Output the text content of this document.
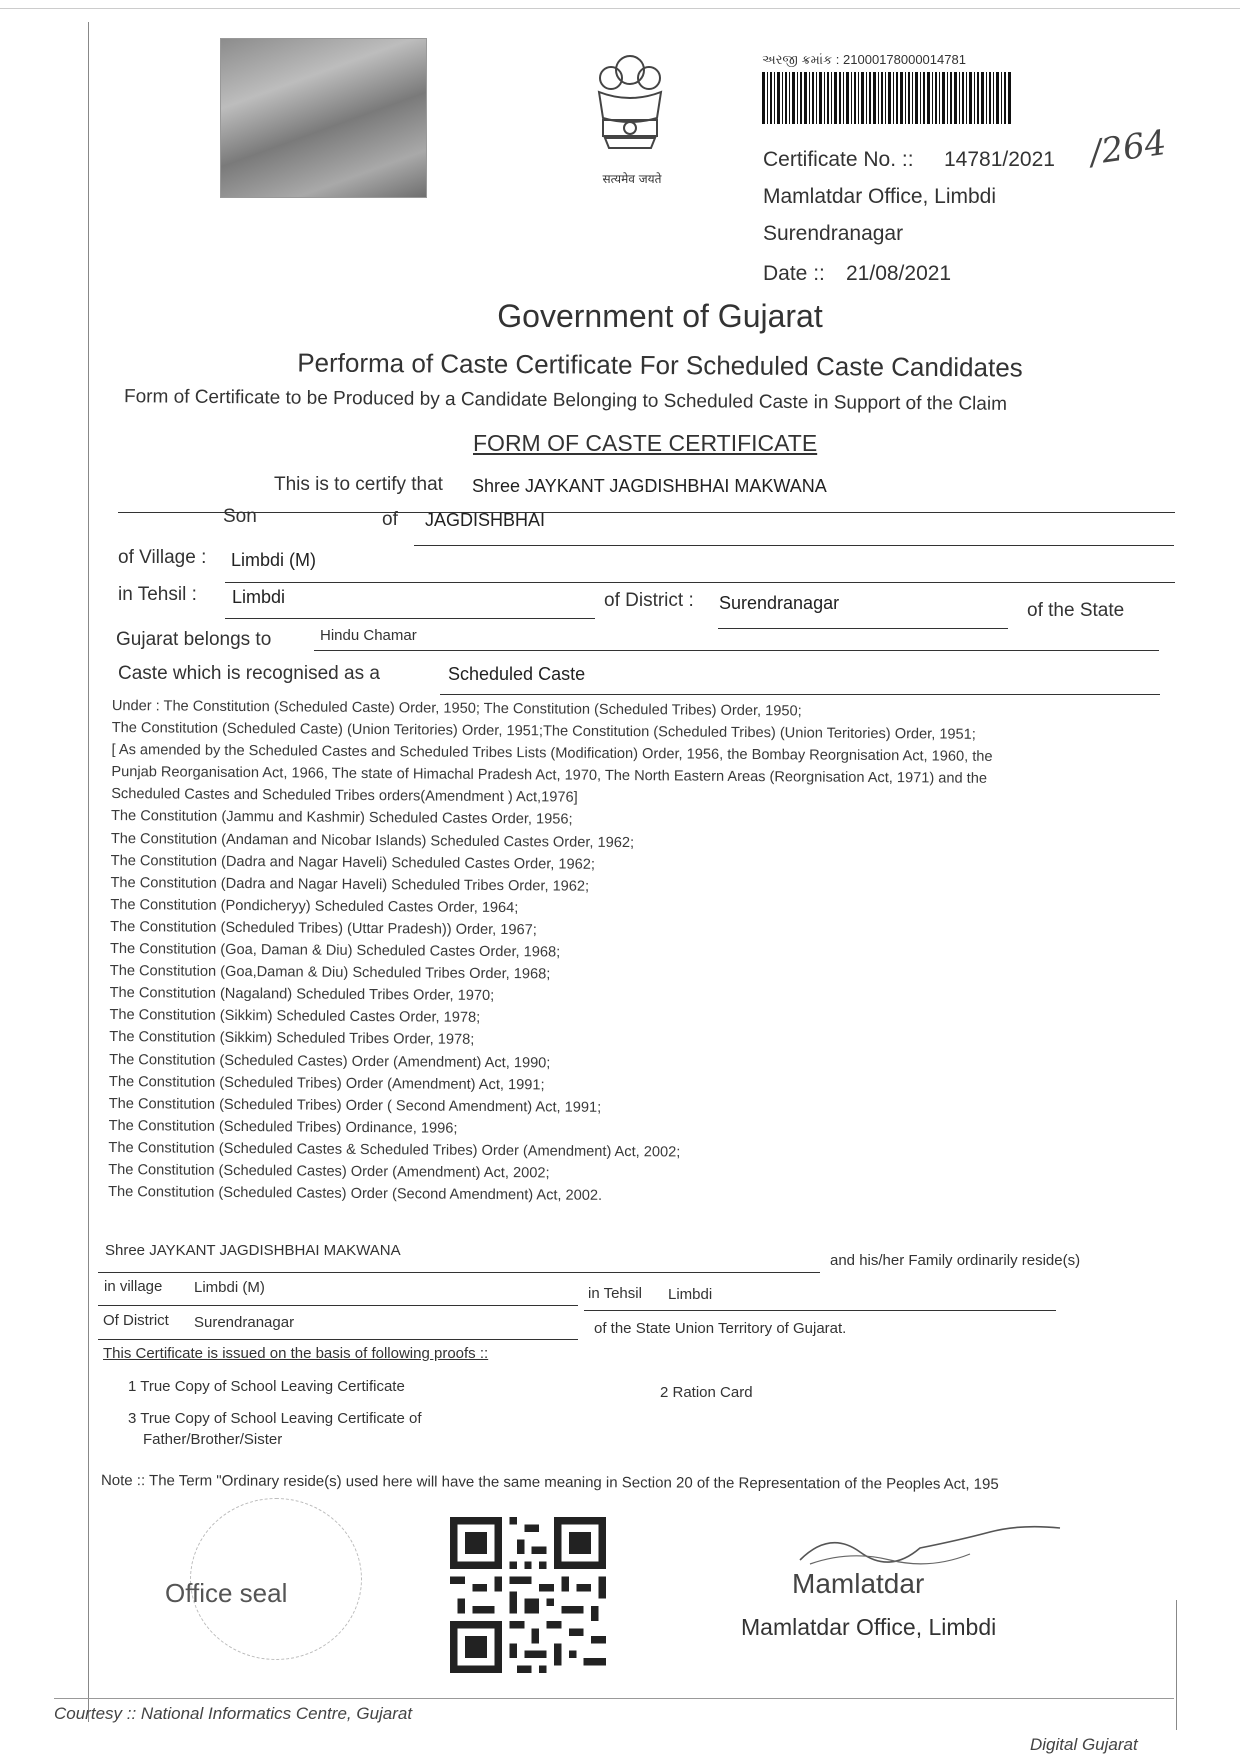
सत्यमेव जयते
અરજી ક્રમાંક : 21000178000014781
Certificate No. :: 14781/2021 /264
Mamlatdar Office, Limbdi
Surendranagar
Date :: 21/08/2021
Government of Gujarat
Performa of Caste Certificate For Scheduled Caste Candidates
Form of Certificate to be Produced by a Candidate Belonging to Scheduled Caste in Support of the Claim
FORM OF CASTE CERTIFICATE
This is to certify that Shree JAYKANT JAGDISHBHAI MAKWANA
Son	of JAGDISHBHAI
of Village : Limbdi (M)
in Tehsil : Limbdi	of District : Surendranagar	of the State
Gujarat belongs to	Hindu Chamar
Caste which is recognised as a	Scheduled Caste
Under : The Constitution (Scheduled Caste) Order, 1950; The Constitution (Scheduled Tribes) Order, 1950;
The Constitution (Scheduled Caste) (Union Teritories) Order, 1951;The Constitution (Scheduled Tribes) (Union Teritories) Order, 1951;
[ As amended by the Scheduled Castes and Scheduled Tribes Lists (Modification) Order, 1956, the Bombay Reorgnisation Act, 1960, the
Punjab Reorganisation Act, 1966, The state of Himachal Pradesh Act, 1970, The North Eastern Areas (Reorgnisation Act, 1971) and the
Scheduled Castes and Scheduled Tribes orders(Amendment ) Act,1976]
The Constitution (Jammu and Kashmir) Scheduled Castes Order, 1956;
The Constitution (Andaman and Nicobar Islands) Scheduled Castes Order, 1962;
The Constitution (Dadra and Nagar Haveli) Scheduled Castes Order, 1962;
The Constitution (Dadra and Nagar Haveli) Scheduled Tribes Order, 1962;
The Constitution (Pondicheryy) Scheduled Castes Order, 1964;
The Constitution (Scheduled Tribes) (Uttar Pradesh)) Order, 1967;
The Constitution (Goa, Daman & Diu) Scheduled Castes Order, 1968;
The Constitution (Goa,Daman & Diu) Scheduled Tribes Order, 1968;
The Constitution (Nagaland) Scheduled Tribes Order, 1970;
The Constitution (Sikkim) Scheduled Castes Order, 1978;
The Constitution (Sikkim) Scheduled Tribes Order, 1978;
The Constitution (Scheduled Castes) Order (Amendment) Act, 1990;
The Constitution (Scheduled Tribes) Order (Amendment) Act, 1991;
The Constitution (Scheduled Tribes) Order ( Second Amendment) Act, 1991;
The Constitution (Scheduled Tribes) Ordinance, 1996;
The Constitution (Scheduled Castes & Scheduled Tribes) Order (Amendment) Act, 2002;
The Constitution (Scheduled Castes) Order (Amendment) Act, 2002;
The Constitution (Scheduled Castes) Order (Second Amendment) Act, 2002.
Shree JAYKANT JAGDISHBHAI MAKWANA
and his/her Family ordinarily reside(s)
in village Limbdi (M)	in Tehsil Limbdi
Of District Surendranagar	of the State Union Territory of Gujarat.
This Certificate is issued on the basis of following proofs ::
1 True Copy of School Leaving Certificate	2 Ration Card
3 True Copy of School Leaving Certificate of
Father/Brother/Sister
Note :: The Term "Ordinary reside(s) used here will have the same meaning in Section 20 of the Representation of the Peoples Act, 195
Office seal	Mamlatdar
Mamlatdar Office, Limbdi
Courtesy :: National Informatics Centre, Gujarat
Digital Gujarat
